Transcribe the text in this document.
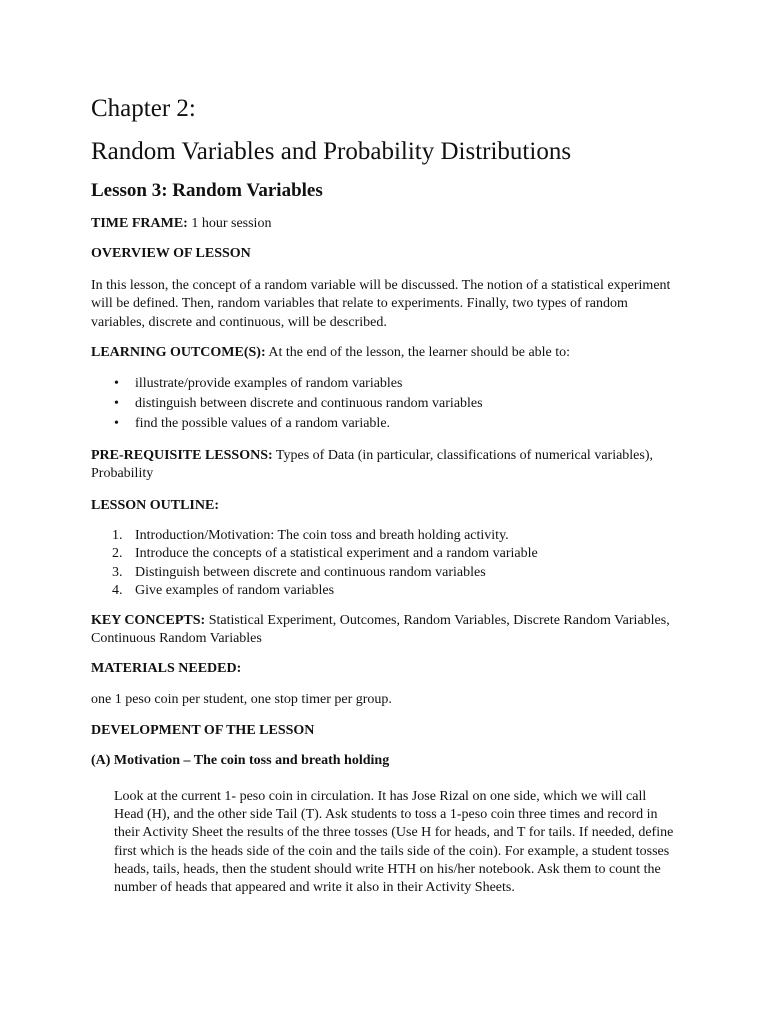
Chapter 2:
Random Variables and Probability Distributions
Lesson 3: Random Variables

TIME FRAME: 1 hour session

OVERVIEW OF LESSON

In this lesson, the concept of a random variable will be discussed. The notion of a statistical experiment will be defined. Then, random variables that relate to experiments. Finally, two types of random variables, discrete and continuous, will be described.

LEARNING OUTCOME(S): At the end of the lesson, the learner should be able to:

• illustrate/provide examples of random variables
• distinguish between discrete and continuous random variables
• find the possible values of a random variable.

PRE-REQUISITE LESSONS: Types of Data (in particular, classifications of numerical variables), Probability

LESSON OUTLINE:

1. Introduction/Motivation: The coin toss and breath holding activity.
2. Introduce the concepts of a statistical experiment and a random variable
3. Distinguish between discrete and continuous random variables
4. Give examples of random variables

KEY CONCEPTS: Statistical Experiment, Outcomes, Random Variables, Discrete Random Variables, Continuous Random Variables

MATERIALS NEEDED:

one 1 peso coin per student, one stop timer per group.

DEVELOPMENT OF THE LESSON

(A) Motivation – The coin toss and breath holding

Look at the current 1- peso coin in circulation. It has Jose Rizal on one side, which we will call Head (H), and the other side Tail (T). Ask students to toss a 1-peso coin three times and record in their Activity Sheet the results of the three tosses (Use H for heads, and T for tails. If needed, define first which is the heads side of the coin and the tails side of the coin). For example, a student tosses heads, tails, heads, then the student should write HTH on his/her notebook. Ask them to count the number of heads that appeared and write it also in their Activity Sheets.
